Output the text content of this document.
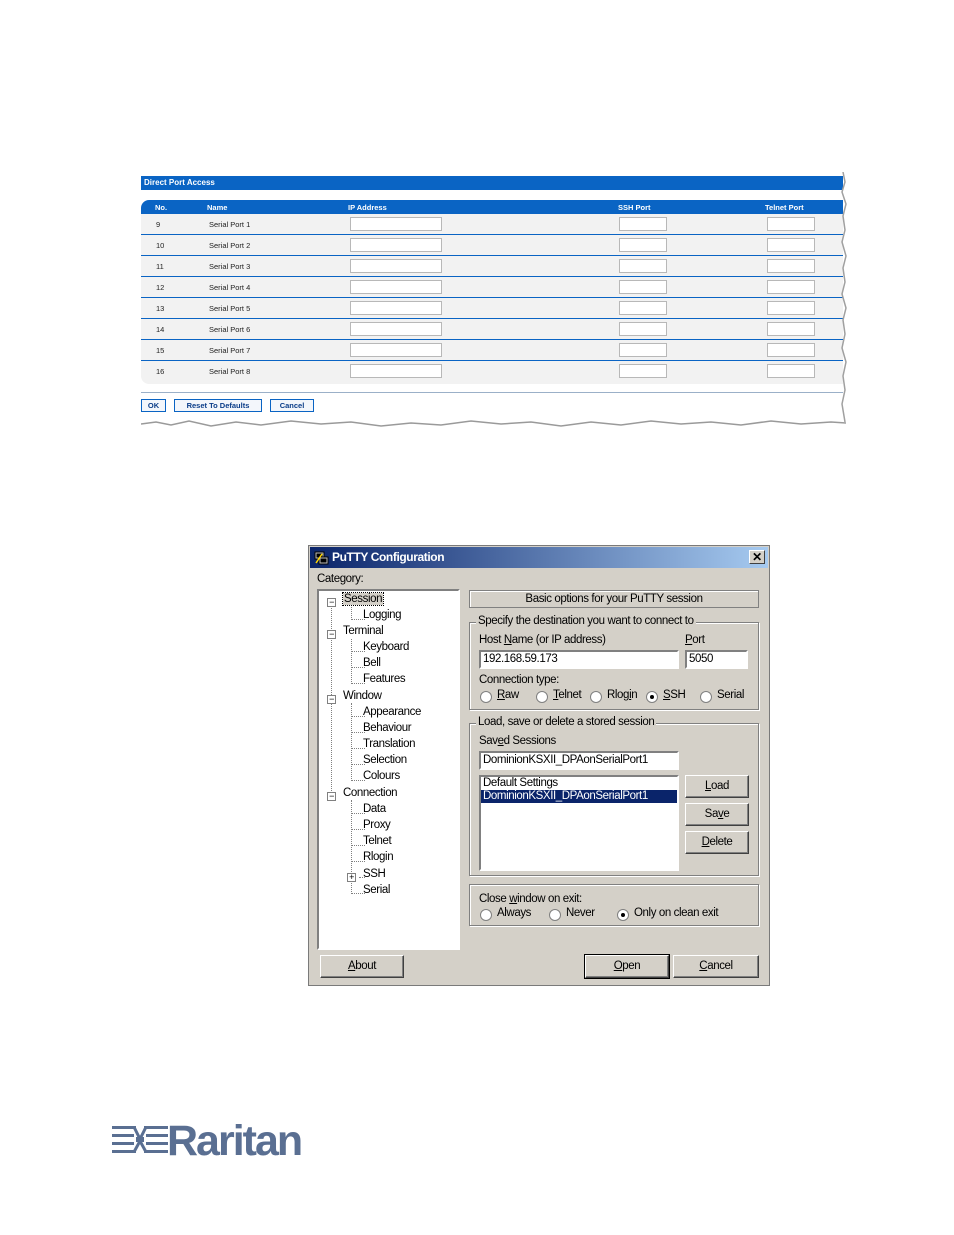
Direct Port Access
No.	Name	IP Address	SSH Port	Telnet Port
9	Serial Port 1
10	Serial Port 2
11	Serial Port 3
12	Serial Port 4
13	Serial Port 5
14	Serial Port 6
15	Serial Port 7
16	Serial Port 8
OK	Reset To Defaults	Cancel
PuTTY Configuration	✕
Category:
− Session
Logging
− Terminal
Keyboard
Bell
Features
− Window
Appearance
Behaviour
Translation
Selection
Colours
− Connection
Data
Proxy
Telnet
Rlogin
+ SSH
Serial
Basic options for your PuTTY session
Specify the destination you want to connect to
Host Name (or IP address)	Port
192.168.59.173	5050
Connection type:
Raw	Telnet Rlogin SSH	Serial
Load, save or delete a stored session
Saved Sessions
DominionKSXII_DPAonSerialPort1
Default Settings
DominionKSXII_DPAonSerialPort1
Load
Save
Delete
Close window on exit:
Always	Never	Only on clean exit
About	Open	Cancel
Raritan
